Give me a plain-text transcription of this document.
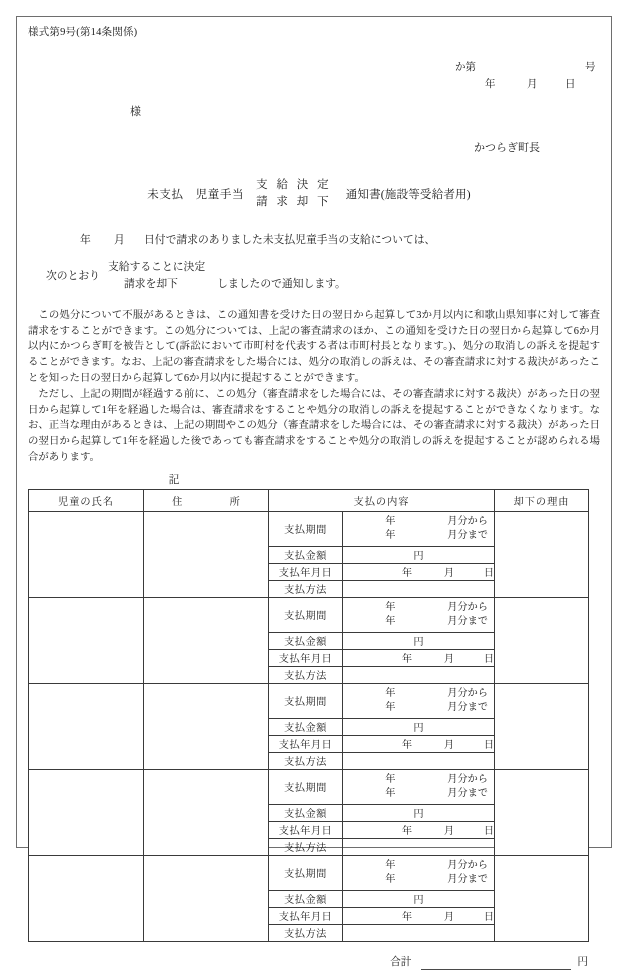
様式第9号(第14条関係)
か第	号
年	月	日
様
かつらぎ町長
未支払　児童手当
支 給 決 定
請 求 却 下
通知書(施設等受給者用)
年 月 日付で請求のありました未支払児童手当の支給については、
次のとおり
支給することに決定
請求を却下	しましたので通知します。

この処分について不服があるときは、この通知書を受けた日の翌日から起算して3か月以内に和歌山県知事に対して審査請求をすることができます。この処分については、上記の審査請求のほか、この通知を受けた日の翌日から起算して6か月以内にかつらぎ町を被告として(訴訟において市町村を代表する者は市町村長となります。)、処分の取消しの訴えを提起することができます。なお、上記の審査請求をした場合には、処分の取消しの訴えは、その審査請求に対する裁決があったことを知った日の翌日から起算して6か月以内に提起することができます。

ただし、上記の期間が経過する前に、この処分（審査請求をした場合には、その審査請求に対する裁決）があった日の翌日から起算して1年を経過した場合は、審査請求をすることや処分の取消しの訴えを提起することができなくなります。なお、正当な理由があるときは、上記の期間やこの処分（審査請求をした場合には、その審査請求に対する裁決）があった日の翌日から起算して1年を経過した後であっても審査請求をすることや処分の取消しの訴えを提起することが認められる場合があります。

記
児童の氏名	住　　所	支払の内容		却下の理由
		支払期間	年 月分から
年 月分まで	

		支払金額	円	
		支払年月日	年 月 日	
		支払方法		
		支払期間	年 月分から
年 月分まで	

		支払金額	円	
		支払年月日	年 月 日	
		支払方法		
		支払期間	年 月分から
年 月分まで	

		支払金額	円	
		支払年月日	年 月 日	
		支払方法		
		支払期間	年 月分から
年 月分まで	

		支払金額	円	
		支払年月日	年 月 日	
		支払方法		
		支払期間	年 月分から
年 月分まで	

		支払金額	円	
		支払年月日	年 月 日	
		支払方法		
合計	円
